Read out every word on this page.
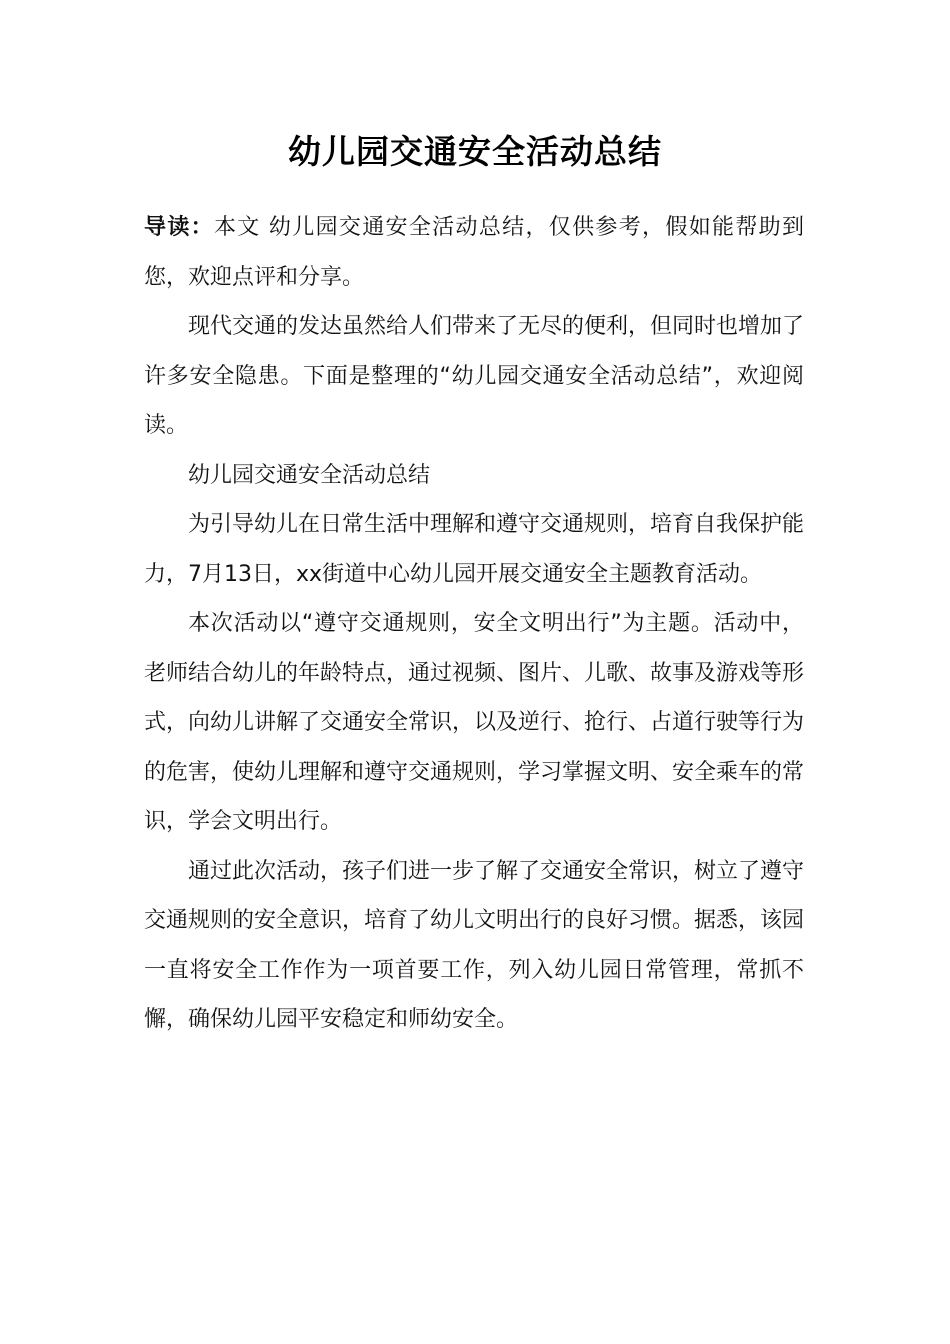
幼儿园交通安全活动总结

导读：本文 幼儿园交通安全活动总结，仅供参考，假如能帮助到您，欢迎点评和分享。

现代交通的发达虽然给人们带来了无尽的便利，但同时也增加了许多安全隐患。下面是整理的“幼儿园交通安全活动总结”，欢迎阅读。

幼儿园交通安全活动总结

为引导幼儿在日常生活中理解和遵守交通规则，培育自我保护能力，7月13日，xx街道中心幼儿园开展交通安全主题教育活动。

本次活动以“遵守交通规则，安全文明出行”为主题。活动中，老师结合幼儿的年龄特点，通过视频、图片、儿歌、故事及游戏等形式，向幼儿讲解了交通安全常识，以及逆行、抢行、占道行驶等行为的危害，使幼儿理解和遵守交通规则，学习掌握文明、安全乘车的常识，学会文明出行。

通过此次活动，孩子们进一步了解了交通安全常识，树立了遵守交通规则的安全意识，培育了幼儿文明出行的良好习惯。据悉，该园一直将安全工作作为一项首要工作，列入幼儿园日常管理，常抓不懈，确保幼儿园平安稳定和师幼安全。
